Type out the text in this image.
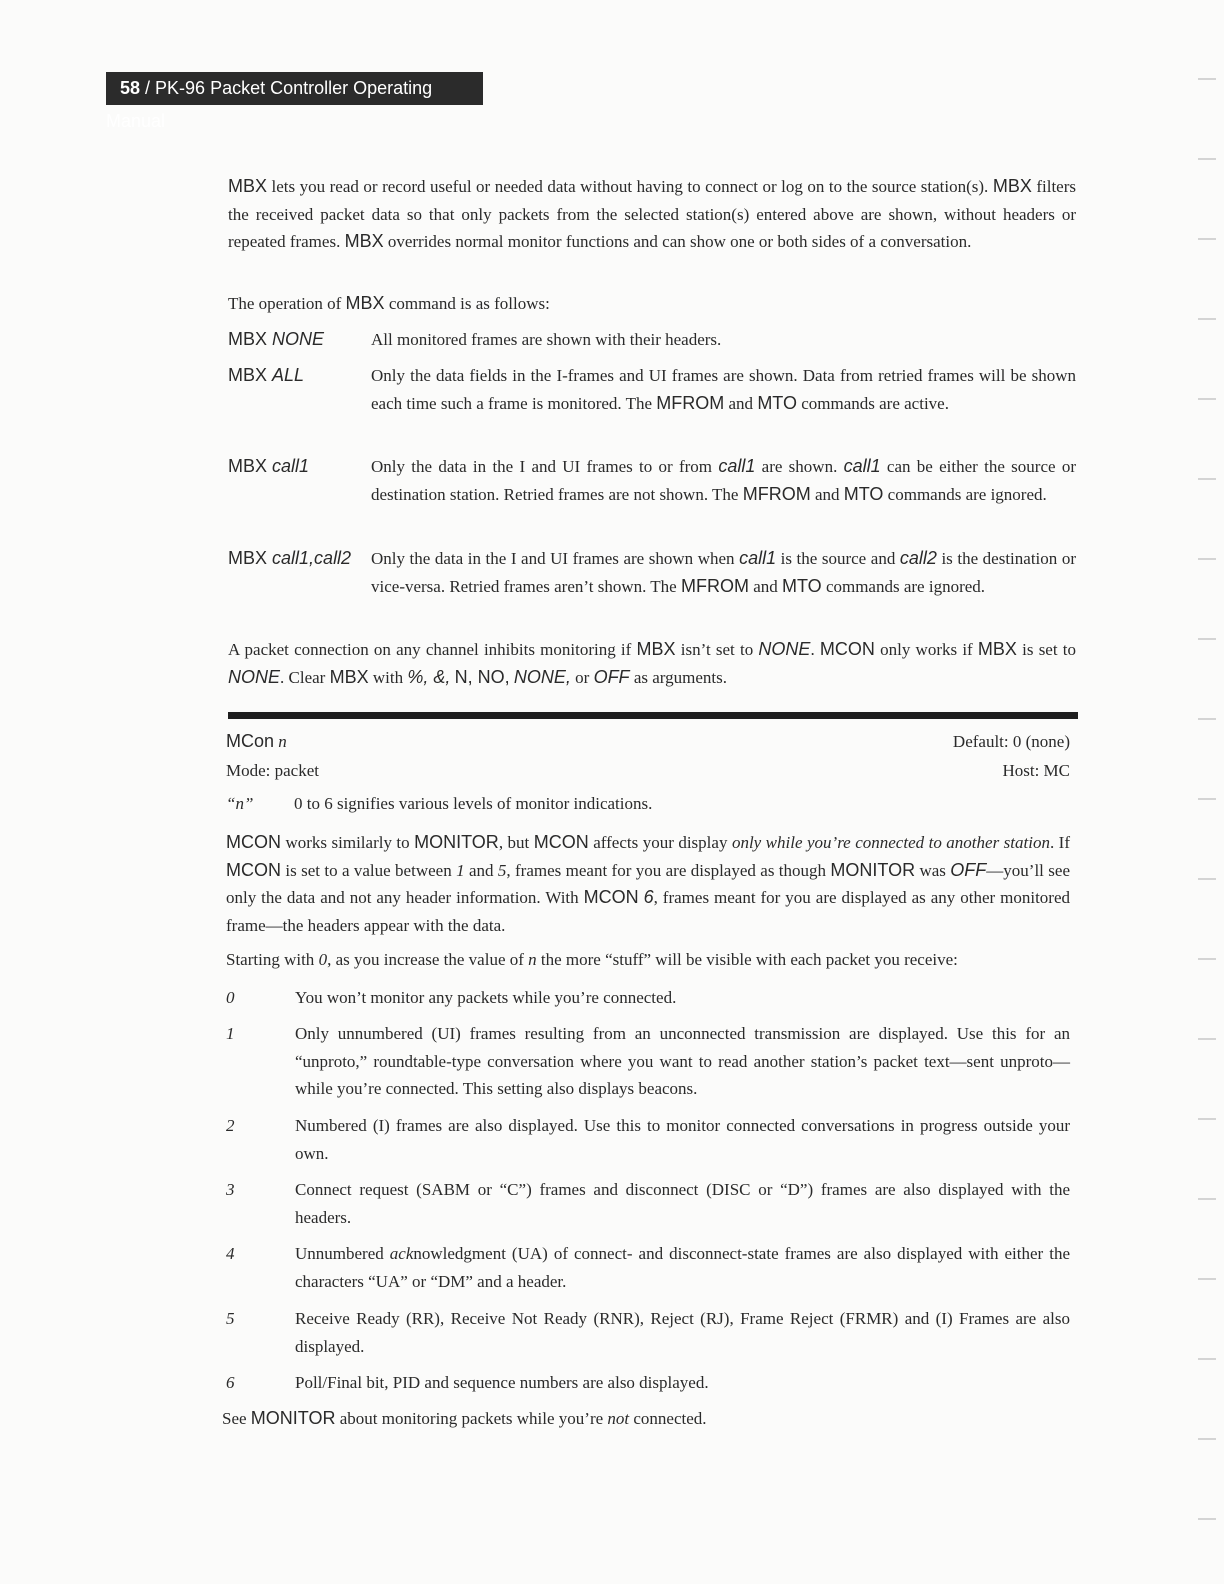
58 / PK-96 Packet Controller Operating Manual

MBX lets you read or record useful or needed data without having to connect or log on to the source station(s). MBX filters the received packet data so that only packets from the selected station(s) entered above are shown, without headers or repeated frames. MBX overrides normal monitor functions and can show one or both sides of a conversation.

The operation of MBX command is as follows:

MBX NONE	All monitored frames are shown with their headers.
MBX ALL	Only the data fields in the I-frames and UI frames are shown. Data from retried frames will be shown each time such a frame is monitored. The MFROM and MTO commands are active.
MBX call1	Only the data in the I and UI frames to or from call1 are shown. call1 can be either the source or destination station. Retried frames are not shown. The MFROM and MTO commands are ignored.
MBX call1,call2 Only the data in the I and UI frames are shown when call1 is the source and call2 is the destination or vice-versa. Retried frames aren’t shown. The MFROM and MTO commands are ignored.

A packet connection on any channel inhibits monitoring if MBX isn’t set to NONE. MCON only works if MBX is set to NONE. Clear MBX with %, &, N, NO, NONE, or OFF as arguments.

MCon n	Default: 0 (none)
Mode: packet	Host: MC
“n” 0 to 6 signifies various levels of monitor indications.

MCON works similarly to MONITOR, but MCON affects your display only while you’re connected to another station. If MCON is set to a value between 1 and 5, frames meant for you are displayed as though MONITOR was OFF—you’ll see only the data and not any header information. With MCON 6, frames meant for you are displayed as any other monitored frame—the headers appear with the data.

Starting with 0, as you increase the value of n the more “stuff” will be visible with each packet you receive:

0	You won’t monitor any packets while you’re connected.
1	Only unnumbered (UI) frames resulting from an unconnected transmission are displayed. Use this for an “unproto,” roundtable-type conversation where you want to read another station’s packet text—sent unproto—while you’re connected. This setting also displays beacons.
2	Numbered (I) frames are also displayed. Use this to monitor connected conversations in progress outside your own.
3	Connect request (SABM or “C”) frames and disconnect (DISC or “D”) frames are also displayed with the headers.
4	Unnumbered acknowledgment (UA) of connect- and disconnect-state frames are also displayed with either the characters “UA” or “DM” and a header.
5	Receive Ready (RR), Receive Not Ready (RNR), Reject (RJ), Frame Reject (FRMR) and (I) Frames are also displayed.
6	Poll/Final bit, PID and sequence numbers are also displayed.

See MONITOR about monitoring packets while you’re not connected.
